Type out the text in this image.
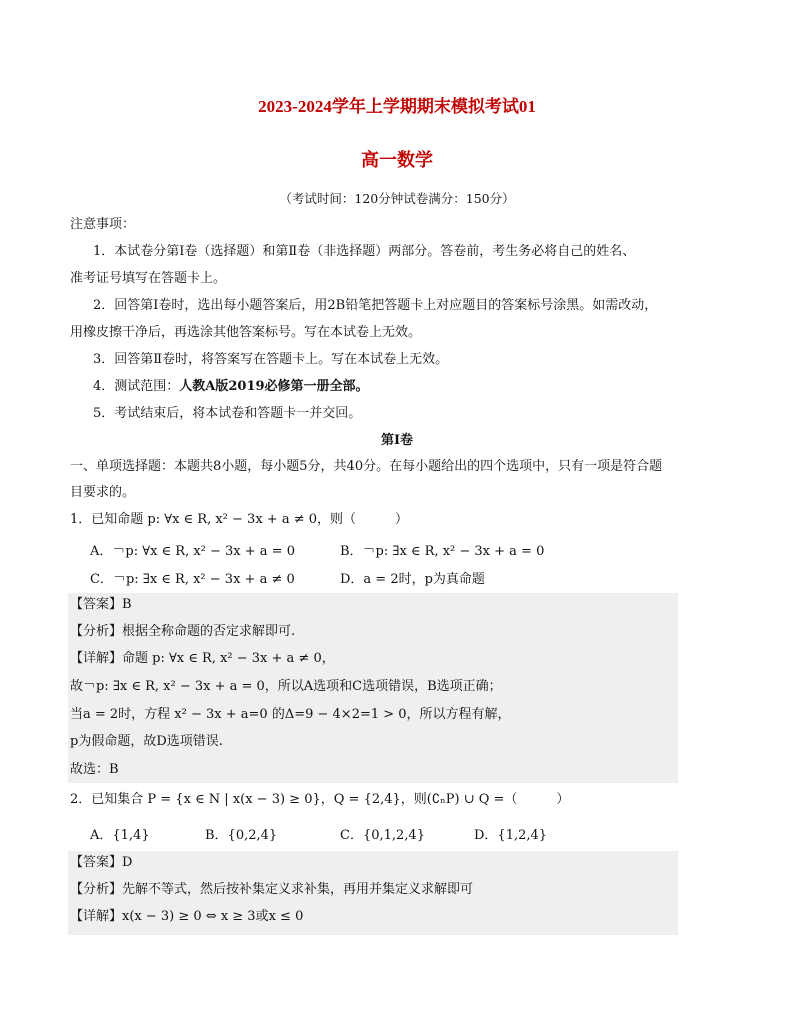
2023-2024学年上学期期末模拟考试01
高一数学
（考试时间：120分钟试卷满分：150分）
注意事项：
1．本试卷分第Ⅰ卷（选择题）和第Ⅱ卷（非选择题）两部分。答卷前，考生务必将自己的姓名、
准考证号填写在答题卡上。
2．回答第Ⅰ卷时，选出每小题答案后，用2B铅笔把答题卡上对应题目的答案标号涂黑。如需改动，
用橡皮擦干净后，再选涂其他答案标号。写在本试卷上无效。
3．回答第Ⅱ卷时，将答案写在答题卡上。写在本试卷上无效。
4．测试范围：人教A版2019必修第一册全部。
5．考试结束后，将本试卷和答题卡一并交回。
第Ⅰ卷
一、单项选择题：本题共8小题，每小题5分，共40分。在每小题给出的四个选项中，只有一项是符合题
目要求的。
1．已知命题 p: ∀x ∈ R, x² − 3x + a ≠ 0，则（　　　）
A．￢p: ∀x ∈ R, x² − 3x + a = 0	B．￢p: ∃x ∈ R, x² − 3x + a = 0
C．￢p: ∃x ∈ R, x² − 3x + a ≠ 0	D．a = 2时，p为真命题
【答案】B
【分析】根据全称命题的否定求解即可.
【详解】命题 p: ∀x ∈ R, x² − 3x + a ≠ 0，
故￢p: ∃x ∈ R, x² − 3x + a = 0，所以A选项和C选项错误，B选项正确；
当a = 2时，方程 x² − 3x + a=0 的Δ=9 − 4×2=1 > 0，所以方程有解，
p为假命题，故D选项错误.
故选：B
2．已知集合 P = {x ∈ N | x(x − 3) ≥ 0}，Q = {2,4}，则(∁ₙP) ∪ Q =（　　　）
A．{1,4}	B．{0,2,4}	C．{0,1,2,4}	D．{1,2,4}
【答案】D
【分析】先解不等式，然后按补集定义求补集，再用并集定义求解即可
【详解】x(x − 3) ≥ 0 ⇔ x ≥ 3或x ≤ 0
